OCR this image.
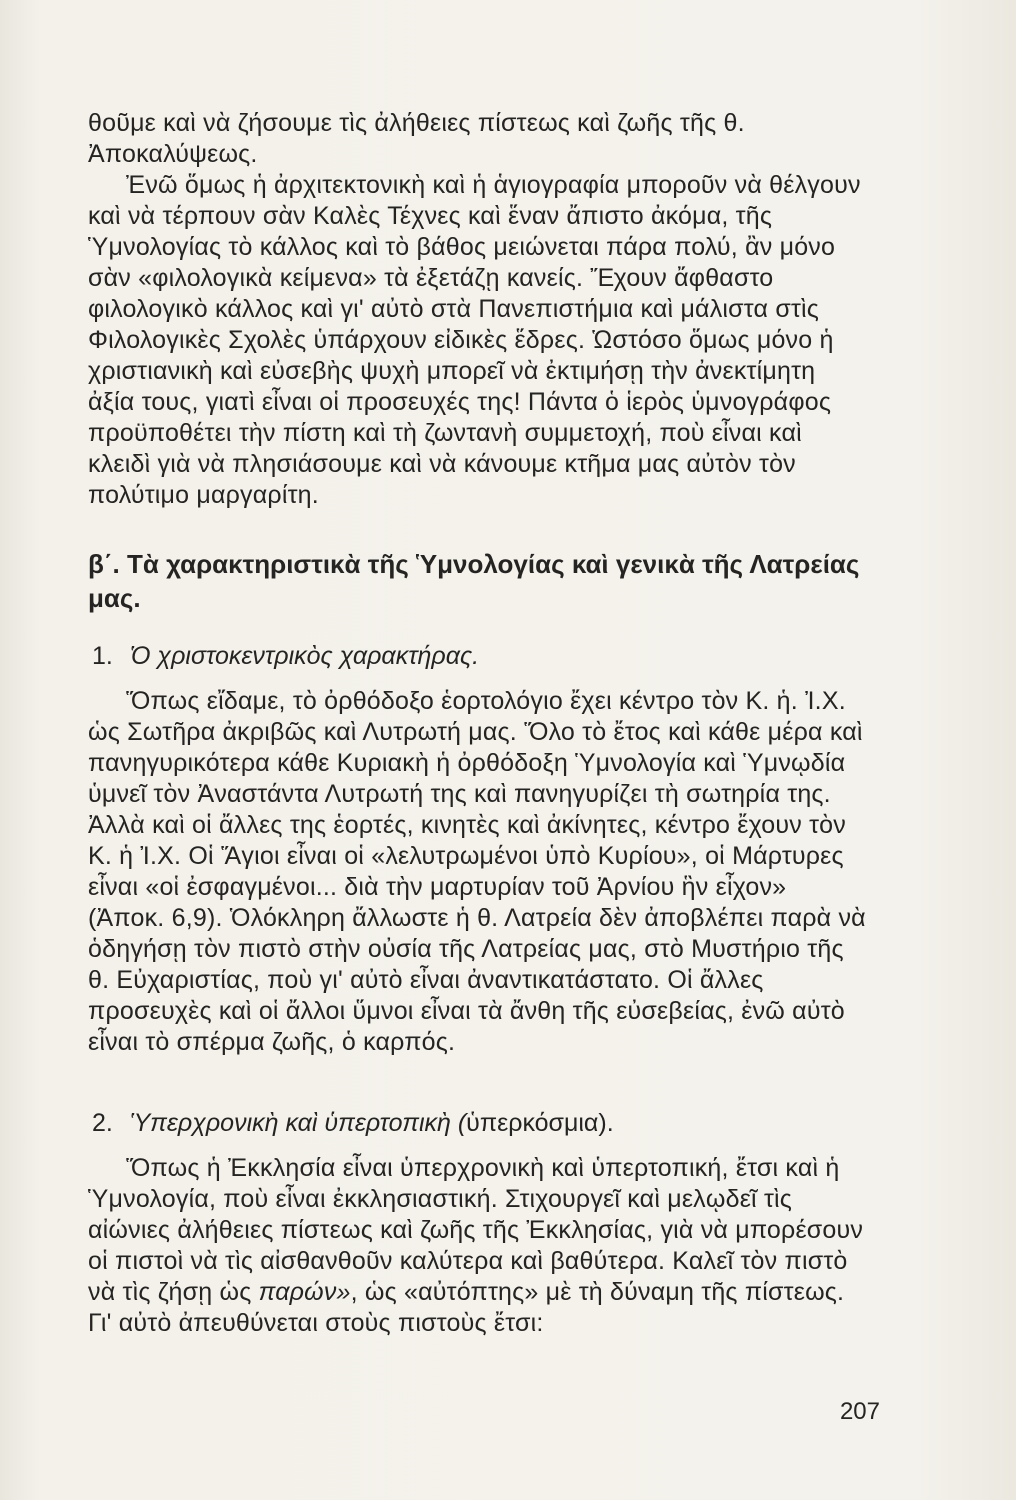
θοῦμε καὶ νὰ ζήσουμε τὶς ἀλήθειες πίστεως καὶ ζωῆς τῆς θ. Ἀποκαλύψεως.

Ἐνῶ ὅμως ἡ ἀρχιτεκτονικὴ καὶ ἡ ἁγιογραφία μποροῦν νὰ θέλγουν καὶ νὰ τέρπουν σὰν Καλὲς Τέχνες καὶ ἕναν ἄπιστο ἀκόμα, τῆς Ὑμνολογίας τὸ κάλλος καὶ τὸ βάθος μειώνεται πάρα πολύ, ἂν μόνο σὰν «φιλολογικὰ κείμενα» τὰ ἐξετάζῃ κανείς. Ἔχουν ἄφθαστο φιλολογικὸ κάλλος καὶ γι' αὐτὸ στὰ Πανεπιστήμια καὶ μάλιστα στὶς Φιλολογικὲς Σχολὲς ὑπάρχουν εἰδικὲς ἕδρες. Ὡστόσο ὅμως μόνο ἡ χριστιανικὴ καὶ εὐσεβὴς ψυχὴ μπορεῖ νὰ ἐκτιμήσῃ τὴν ἀνεκτίμητη ἀξία τους, γιατὶ εἶναι οἱ προσευχές της! Πάντα ὁ ἱερὸς ὑμνογράφος προϋποθέτει τὴν πίστη καὶ τὴ ζωντανὴ συμμετοχή, ποὺ εἶναι καὶ κλειδὶ γιὰ νὰ πλησιάσουμε καὶ νὰ κάνουμε κτῆμα μας αὐτὸν τὸν πολύτιμο μαργαρίτη.

β΄. Τὰ χαρακτηριστικὰ τῆς Ὑμνολογίας καὶ γενικὰ τῆς Λατρείας μας.
1. Ὁ χριστοκεντρικὸς χαρακτήρας.

Ὅπως εἴδαμε, τὸ ὀρθόδοξο ἑορτολόγιο ἔχει κέντρο τὸν Κ. ἡ. Ἰ.Χ. ὡς Σωτῆρα ἀκριβῶς καὶ Λυτρωτή μας. Ὅλο τὸ ἔτος καὶ κάθε μέρα καὶ πανηγυρικότερα κάθε Κυριακὴ ἡ ὀρθόδοξη Ὑμνολογία καὶ Ὑμνῳδία ὑμνεῖ τὸν Ἀναστάντα Λυτρωτή της καὶ πανηγυρίζει τὴ σωτηρία της. Ἀλλὰ καὶ οἱ ἄλλες της ἑορτές, κινητὲς καὶ ἀκίνητες, κέντρο ἔχουν τὸν Κ. ἡ Ἰ.Χ. Οἱ Ἅγιοι εἶναι οἱ «λελυτρωμένοι ὑπὸ Κυρίου», οἱ Μάρτυρες εἶναι «οἱ ἐσφαγμένοι... διὰ τὴν μαρτυρίαν τοῦ Ἀρνίου ἣν εἶχον» (Ἀποκ. 6,9). Ὁλόκληρη ἄλλωστε ἡ θ. Λατρεία δὲν ἀποβλέπει παρὰ νὰ ὁδηγήσῃ τὸν πιστὸ στὴν οὐσία τῆς Λατρείας μας, στὸ Μυστήριο τῆς θ. Εὐχαριστίας, ποὺ γι' αὐτὸ εἶναι ἀναντικατάστατο. Οἱ ἄλλες προσευχὲς καὶ οἱ ἄλλοι ὕμνοι εἶναι τὰ ἄνθη τῆς εὐσεβείας, ἐνῶ αὐτὸ εἶναι τὸ σπέρμα ζωῆς, ὁ καρπός.

2. Ὑπερχρονικὴ καὶ ὑπερτοπικὴ (ὑπερκόσμια).

Ὅπως ἡ Ἐκκλησία εἶναι ὑπερχρονικὴ καὶ ὑπερτοπική, ἔτσι καὶ ἡ Ὑμνολογία, ποὺ εἶναι ἐκκλησιαστική. Στιχουργεῖ καὶ μελῳδεῖ τὶς αἰώνιες ἀλήθειες πίστεως καὶ ζωῆς τῆς Ἐκκλησίας, γιὰ νὰ μπορέσουν οἱ πιστοὶ νὰ τὶς αἰσθανθοῦν καλύτερα καὶ βαθύτερα. Καλεῖ τὸν πιστὸ νὰ τὶς ζήσῃ ὡς παρών», ὡς «αὐτόπτης» μὲ τὴ δύναμη τῆς πίστεως. Γι' αὐτὸ ἀπευθύνεται στοὺς πιστοὺς ἔτσι:

207
